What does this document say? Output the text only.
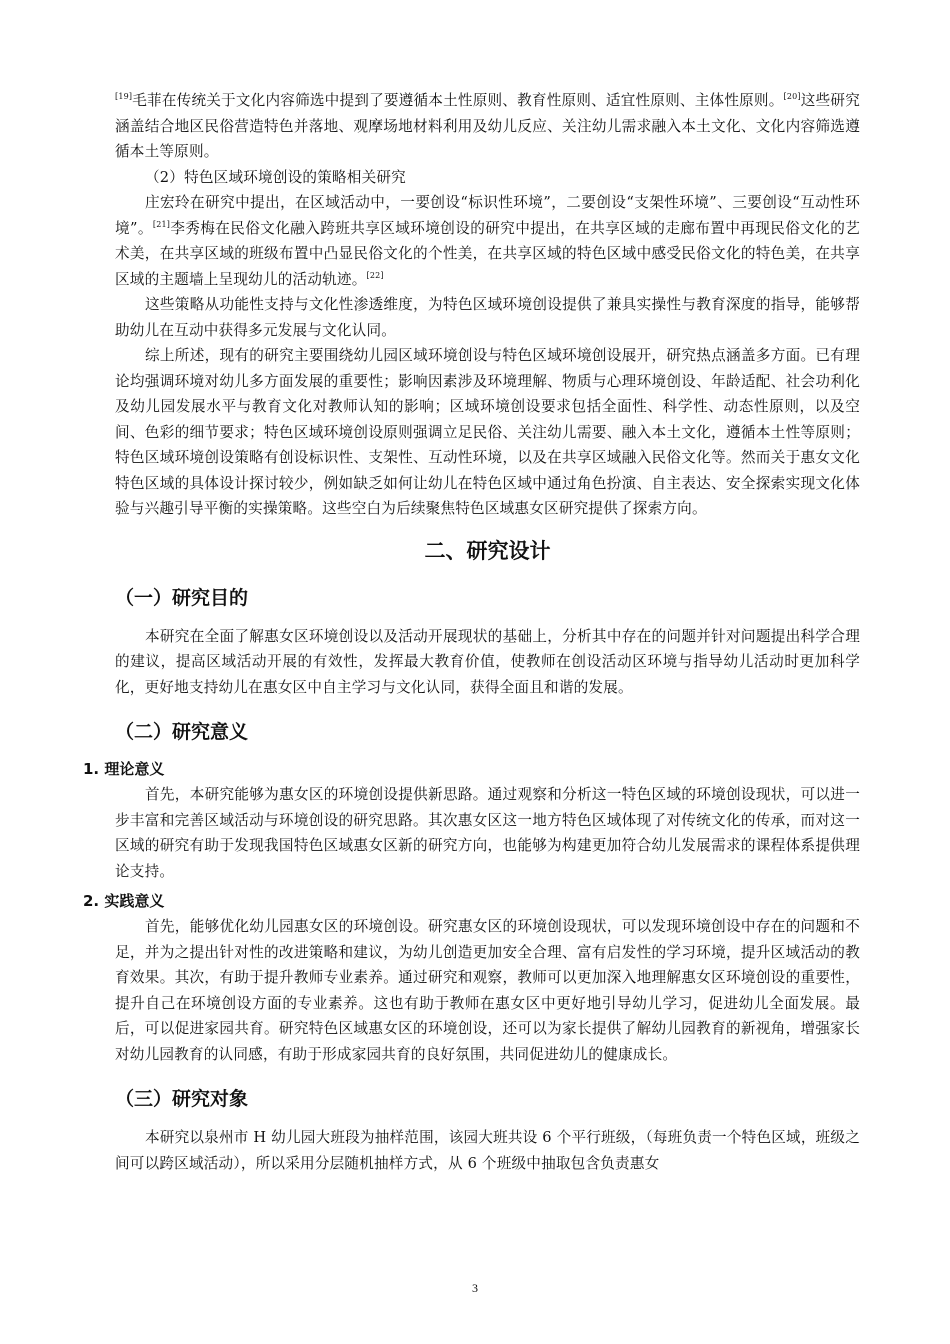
[19]毛菲在传统关于文化内容筛选中提到了要遵循本土性原则、教育性原则、适宜性原则、主体性原则。[20]这些研究涵盖结合地区民俗营造特色并落地、观摩场地材料利用及幼儿反应、关注幼儿需求融入本土文化、文化内容筛选遵循本土等原则。

（2）特色区域环境创设的策略相关研究

庄宏玲在研究中提出，在区域活动中，一要创设“标识性环境”，二要创设“支架性环境”、三要创设“互动性环境”。[21]李秀梅在民俗文化融入跨班共享区域环境创设的研究中提出，在共享区域的走廊布置中再现民俗文化的艺术美，在共享区域的班级布置中凸显民俗文化的个性美，在共享区域的特色区域中感受民俗文化的特色美，在共享区域的主题墙上呈现幼儿的活动轨迹。[22]

这些策略从功能性支持与文化性渗透维度，为特色区域环境创设提供了兼具实操性与教育深度的指导，能够帮助幼儿在互动中获得多元发展与文化认同。

综上所述，现有的研究主要围绕幼儿园区域环境创设与特色区域环境创设展开，研究热点涵盖多方面。已有理论均强调环境对幼儿多方面发展的重要性；影响因素涉及环境理解、物质与心理环境创设、年龄适配、社会功利化及幼儿园发展水平与教育文化对教师认知的影响；区域环境创设要求包括全面性、科学性、动态性原则，以及空间、色彩的细节要求；特色区域环境创设原则强调立足民俗、关注幼儿需要、融入本土文化，遵循本土性等原则；特色区域环境创设策略有创设标识性、支架性、互动性环境，以及在共享区域融入民俗文化等。然而关于惠女文化特色区域的具体设计探讨较少，例如缺乏如何让幼儿在特色区域中通过角色扮演、自主表达、安全探索实现文化体验与兴趣引导平衡的实操策略。这些空白为后续聚焦特色区域惠女区研究提供了探索方向。

二、研究设计
（一）研究目的

本研究在全面了解惠女区环境创设以及活动开展现状的基础上，分析其中存在的问题并针对问题提出科学合理的建议，提高区域活动开展的有效性，发挥最大教育价值，使教师在创设活动区环境与指导幼儿活动时更加科学化，更好地支持幼儿在惠女区中自主学习与文化认同，获得全面且和谐的发展。

（二）研究意义
1. 理论意义

首先，本研究能够为惠女区的环境创设提供新思路。通过观察和分析这一特色区域的环境创设现状，可以进一步丰富和完善区域活动与环境创设的研究思路。其次惠女区这一地方特色区域体现了对传统文化的传承，而对这一区域的研究有助于发现我国特色区域惠女区新的研究方向，也能够为构建更加符合幼儿发展需求的课程体系提供理论支持。

2. 实践意义

首先，能够优化幼儿园惠女区的环境创设。研究惠女区的环境创设现状，可以发现环境创设中存在的问题和不足，并为之提出针对性的改进策略和建议，为幼儿创造更加安全合理、富有启发性的学习环境，提升区域活动的教育效果。其次，有助于提升教师专业素养。通过研究和观察，教师可以更加深入地理解惠女区环境创设的重要性，提升自己在环境创设方面的专业素养。这也有助于教师在惠女区中更好地引导幼儿学习，促进幼儿全面发展。最后，可以促进家园共育。研究特色区域惠女区的环境创设，还可以为家长提供了解幼儿园教育的新视角，增强家长对幼儿园教育的认同感，有助于形成家园共育的良好氛围，共同促进幼儿的健康成长。

（三）研究对象

本研究以泉州市 H 幼儿园大班段为抽样范围，该园大班共设 6 个平行班级，（每班负责一个特色区域，班级之间可以跨区域活动），所以采用分层随机抽样方式，从 6 个班级中抽取包含负责惠女

3
